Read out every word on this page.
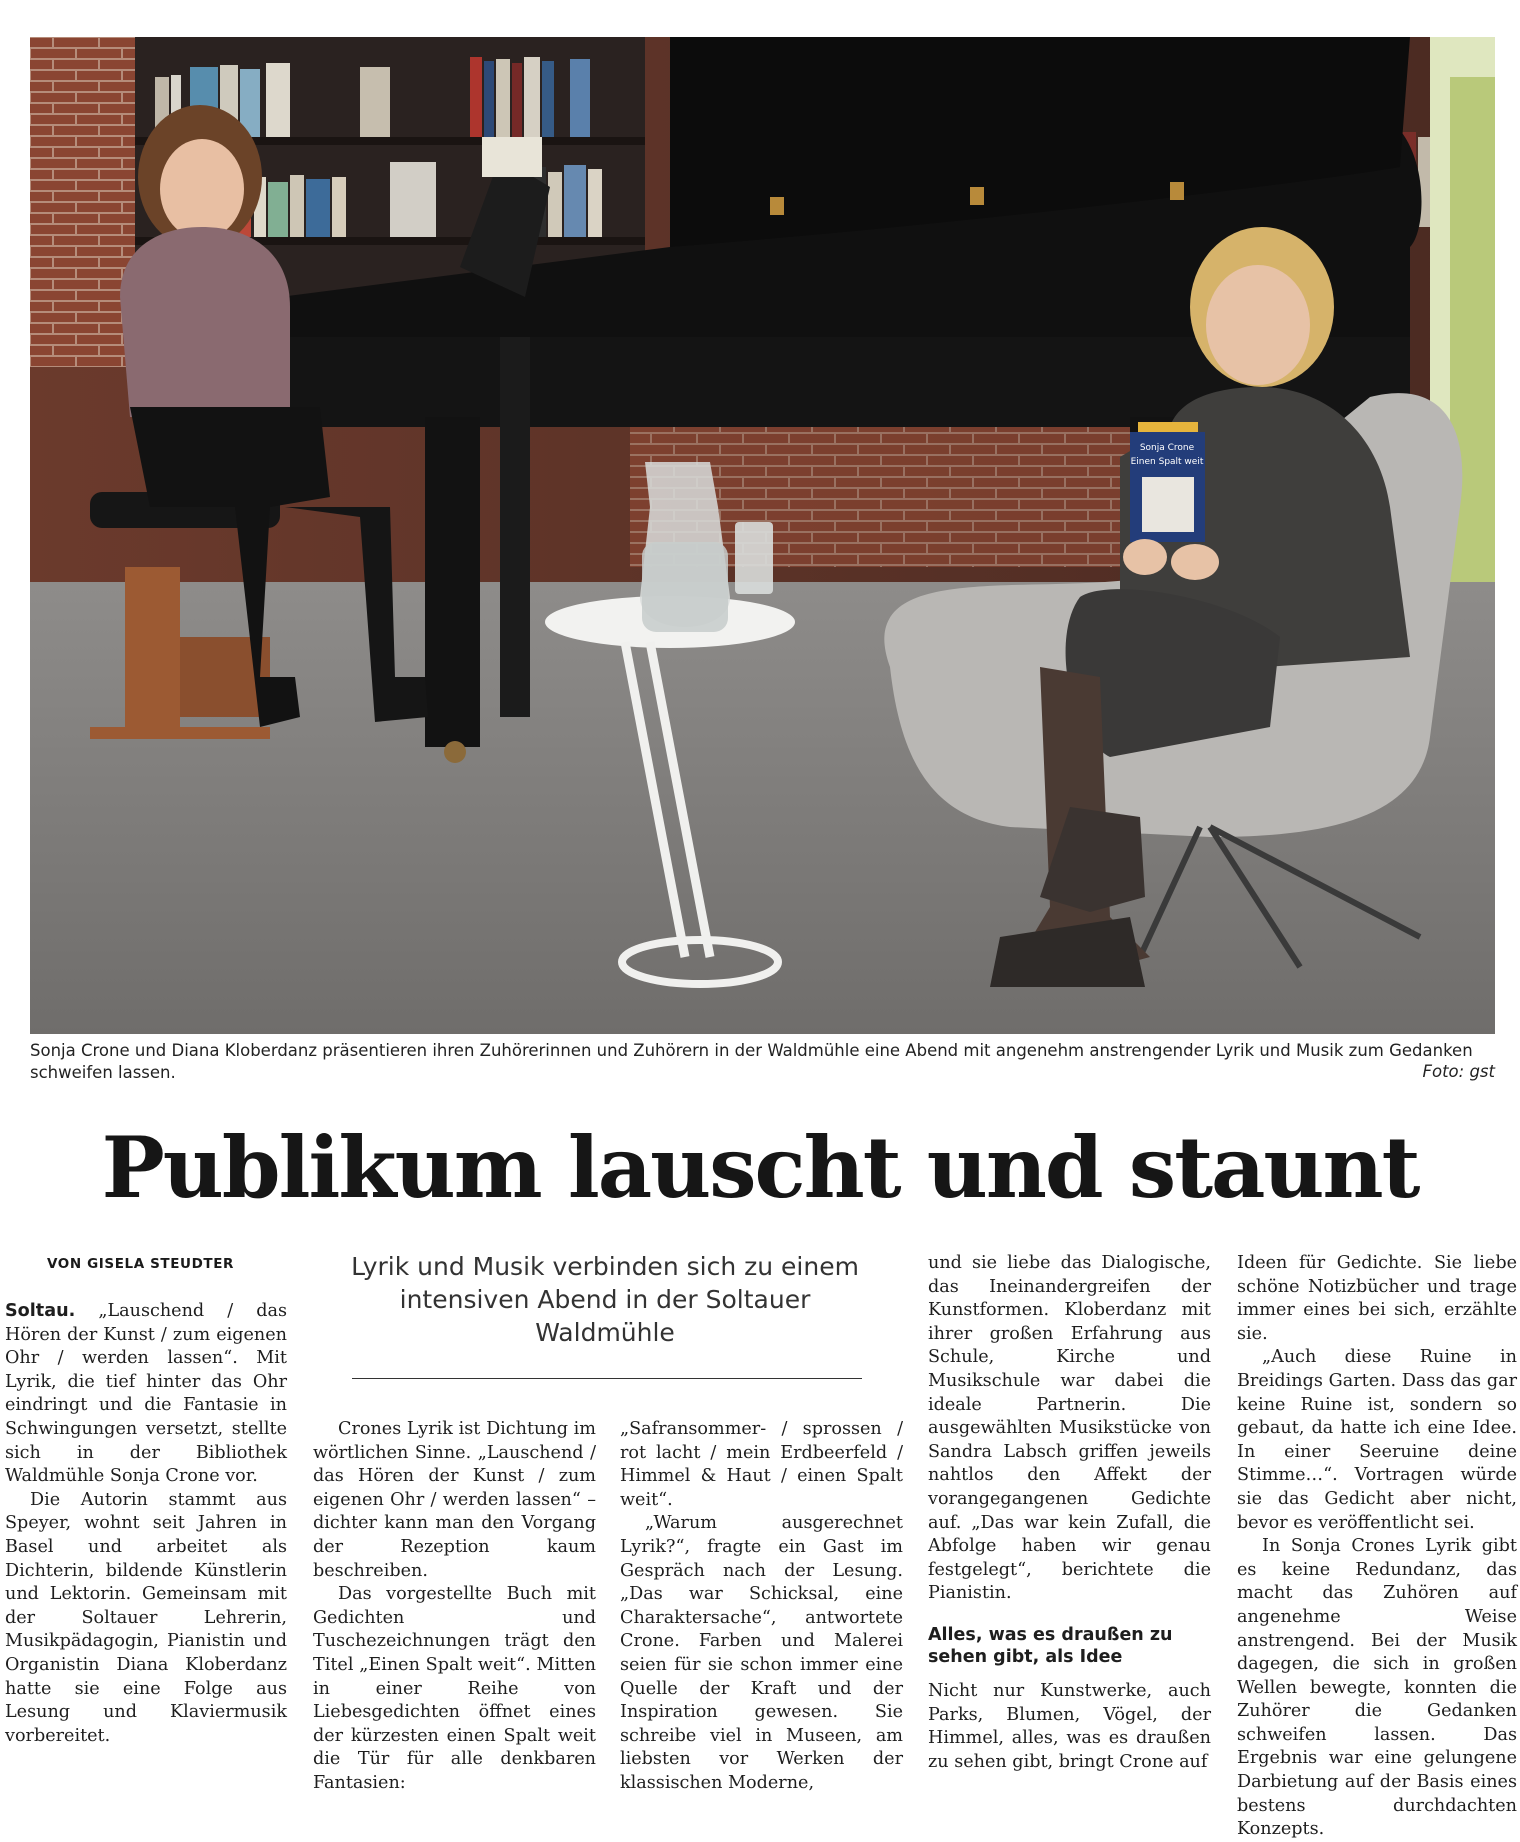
Sonja Crone
Einen Spalt weit
Sonja Crone und Diana Kloberdanz präsentieren ihren Zuhörerinnen und Zuhörern in der Waldmühle eine Abend mit angenehm anstrengender Lyrik und Musik zum Gedanken schweifen lassen.	Foto: gst
Publikum lauscht und staunt
VON GISELA STEUDTER	Lyrik und Musik verbinden sich zu einem intensiven Abend in der Soltauer Waldmühle

Soltau. „Lauschend / das Hören der Kunst / zum eigenen Ohr / werden lassen“. Mit Lyrik, die tief hinter das Ohr eindringt und die Fantasie in Schwingungen versetzt, stellte sich in der Bibliothek Waldmühle Sonja Crone vor.

Die Autorin stammt aus Speyer, wohnt seit Jahren in Basel und arbeitet als Dichterin, bildende Künstlerin und Lektorin. Gemeinsam mit der Soltauer Lehrerin, Musikpädagogin, Pianistin und Organistin Diana Kloberdanz hatte sie eine Folge aus Lesung und Klaviermusik vorbereitet.

Crones Lyrik ist Dichtung im wörtlichen Sinne. „Lauschend / das Hören der Kunst / zum eigenen Ohr / werden lassen“ – dichter kann man den Vorgang der Rezeption kaum beschreiben.

Das vorgestellte Buch mit Gedichten und Tuschezeichnungen trägt den Titel „Einen Spalt weit“. Mitten in einer Reihe von Liebesgedichten öffnet eines der kürzesten einen Spalt weit die Tür für alle denkbaren Fantasien:

„Safransommer- / sprossen / rot lacht / mein Erdbeerfeld / Himmel & Haut / einen Spalt weit“.

„Warum ausgerechnet Lyrik?“, fragte ein Gast im Gespräch nach der Lesung. „Das war Schicksal, eine Charaktersache“, antwortete Crone. Farben und Malerei seien für sie schon immer eine Quelle der Kraft und der Inspiration gewesen. Sie schreibe viel in Museen, am liebsten vor Werken der klassischen Moderne,

und sie liebe das Dialogische, das Ineinandergreifen der Kunstformen. Kloberdanz mit ihrer großen Erfahrung aus Schule, Kirche und Musikschule war dabei die ideale Partnerin. Die ausgewählten Musikstücke von Sandra Labsch griffen jeweils nahtlos den Affekt der vorangegangenen Gedichte auf. „Das war kein Zufall, die Abfolge haben wir genau festgelegt“, berichtete die Pianistin.

Alles, was es draußen zu sehen gibt, als Idee

Nicht nur Kunstwerke, auch Parks, Blumen, Vögel, der Himmel, alles, was es draußen zu sehen gibt, bringt Crone auf

Ideen für Gedichte. Sie liebe schöne Notizbücher und trage immer eines bei sich, erzählte sie.

„Auch diese Ruine in Breidings Garten. Dass das gar keine Ruine ist, sondern so gebaut, da hatte ich eine Idee. In einer Seeruine deine Stimme…“. Vortragen würde sie das Gedicht aber nicht, bevor es veröffentlicht sei.

In Sonja Crones Lyrik gibt es keine Redundanz, das macht das Zuhören auf angenehme Weise anstrengend. Bei der Musik dagegen, die sich in großen Wellen bewegte, konnten die Zuhörer die Gedanken schweifen lassen. Das Ergebnis war eine gelungene Darbietung auf der Basis eines bestens durchdachten Konzepts.
